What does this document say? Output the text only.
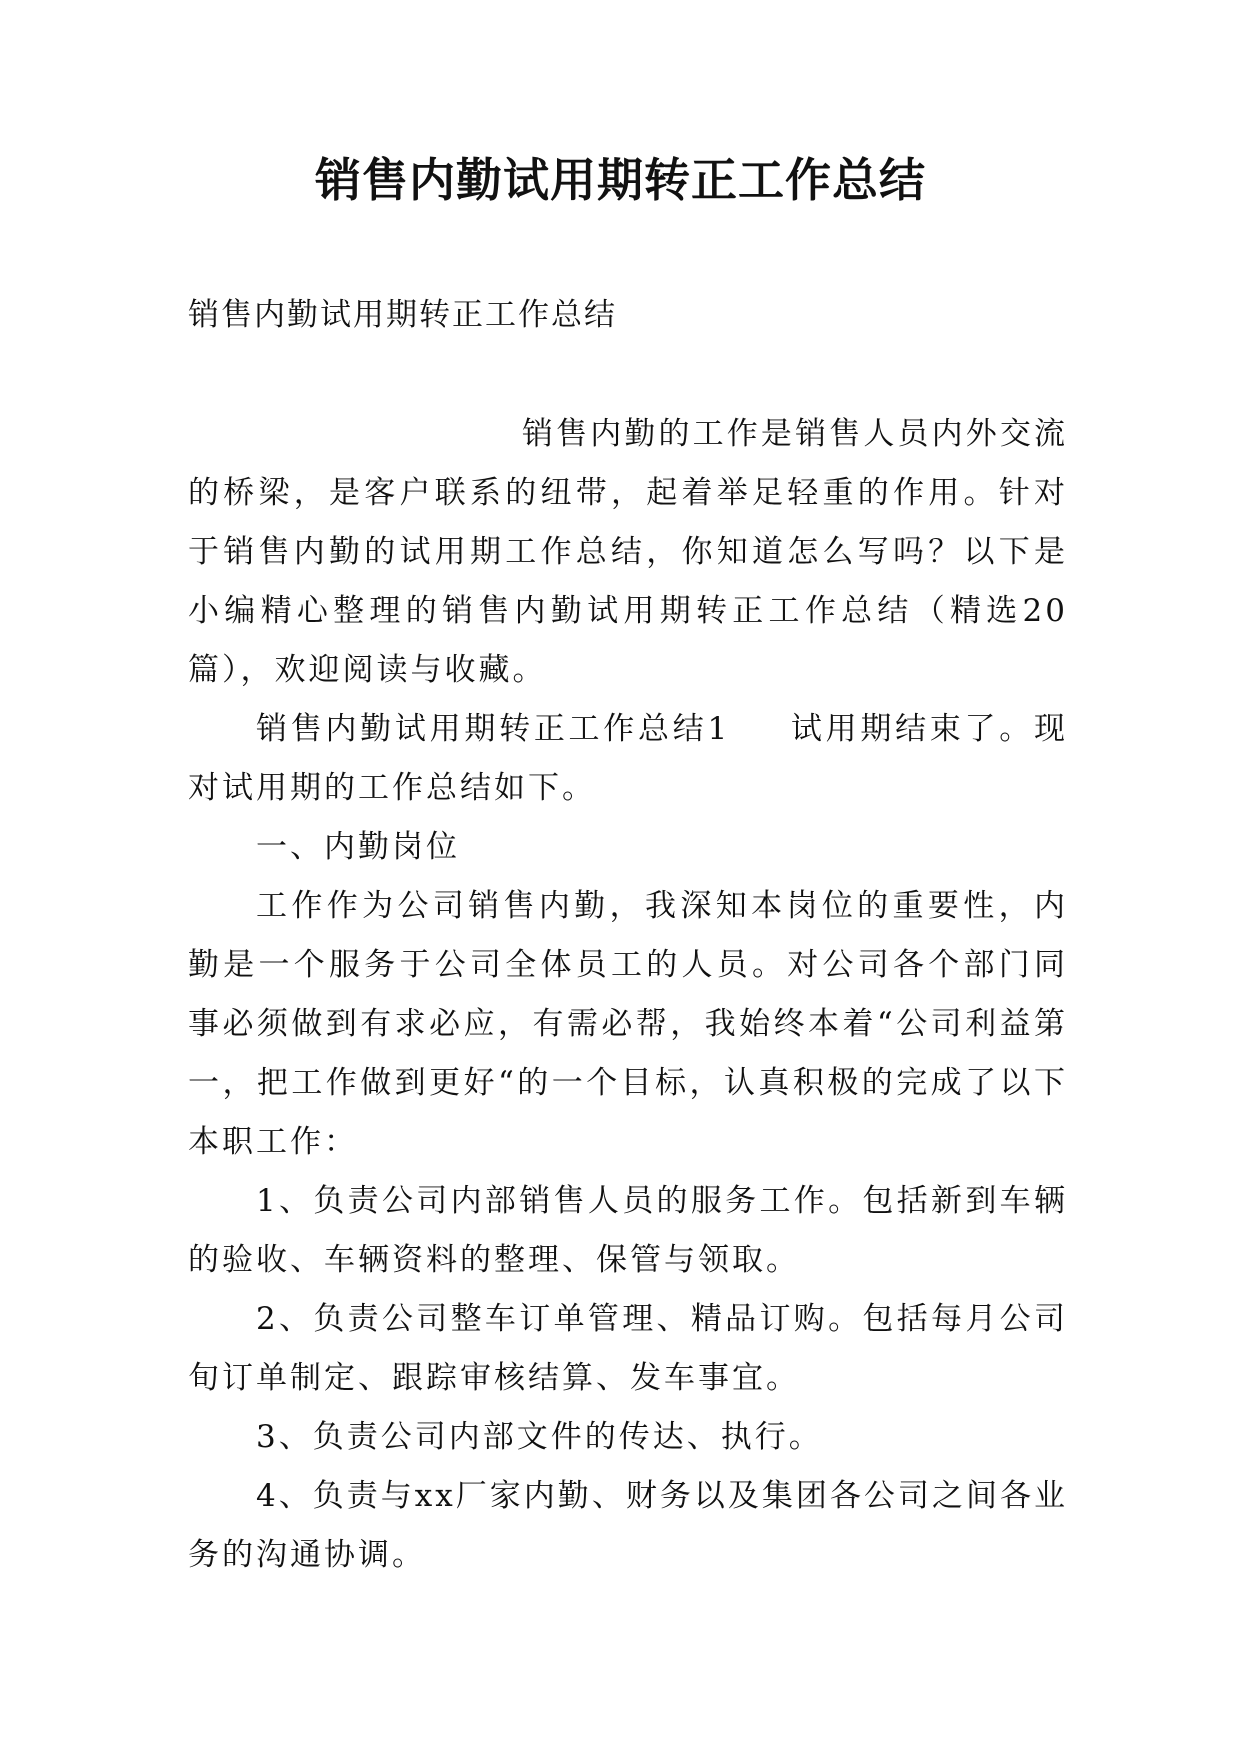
销售内勤试用期转正工作总结

销售内勤试用期转正工作总结

销售内勤的工作是销售人员内外交流的桥梁，是客户联系的纽带，起着举足轻重的作用。针对于销售内勤的试用期工作总结，你知道怎么写吗？以下是小编精心整理的销售内勤试用期转正工作总结（精选20篇），欢迎阅读与收藏。

销售内勤试用期转正工作总结1 试用期结束了。现对试用期的工作总结如下。

一、内勤岗位

工作作为公司销售内勤，我深知本岗位的重要性，内勤是一个服务于公司全体员工的人员。对公司各个部门同事必须做到有求必应，有需必帮，我始终本着“公司利益第一，把工作做到更好“的一个目标，认真积极的完成了以下本职工作：

1、负责公司内部销售人员的服务工作。包括新到车辆的验收、车辆资料的整理、保管与领取。

2、负责公司整车订单管理、精品订购。包括每月公司旬订单制定、跟踪审核结算、发车事宜。

3、负责公司内部文件的传达、执行。

4、负责与xx厂家内勤、财务以及集团各公司之间各业务的沟通协调。
